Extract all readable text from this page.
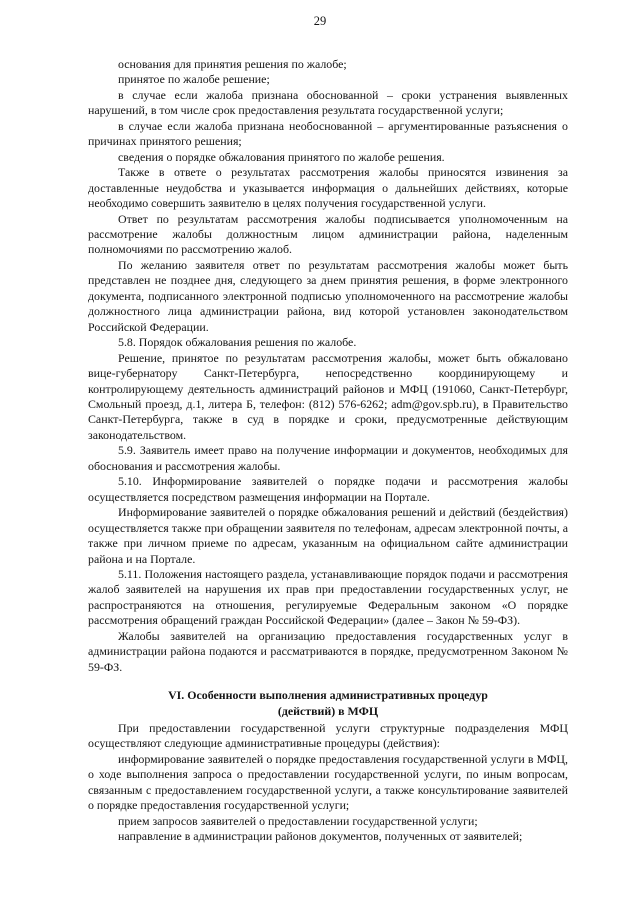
29

основания для принятия решения по жалобе;

принятое по жалобе решение;

в случае если жалоба признана обоснованной – сроки устранения выявленных нарушений, в том числе срок предоставления результата государственной услуги;

в случае если жалоба признана необоснованной – аргументированные разъяснения о причинах принятого решения;

сведения о порядке обжалования принятого по жалобе решения.

Также в ответе о результатах рассмотрения жалобы приносятся извинения за доставленные неудобства и указывается информация о дальнейших действиях, которые необходимо совершить заявителю в целях получения государственной услуги.

Ответ по результатам рассмотрения жалобы подписывается уполномоченным на рассмотрение жалобы должностным лицом администрации района, наделенным полномочиями по рассмотрению жалоб.

По желанию заявителя ответ по результатам рассмотрения жалобы может быть представлен не позднее дня, следующего за днем принятия решения, в форме электронного документа, подписанного электронной подписью уполномоченного на рассмотрение жалобы должностного лица администрации района, вид которой установлен законодательством Российской Федерации.

5.8. Порядок обжалования решения по жалобе.

Решение, принятое по результатам рассмотрения жалобы, может быть обжаловано вице-губернатору Санкт-Петербурга, непосредственно координирующему и контролирующему деятельность администраций районов и МФЦ (191060, Санкт-Петербург, Смольный проезд, д.1, литера Б, телефон: (812) 576-6262; adm@gov.spb.ru), в Правительство Санкт-Петербурга, также в суд в порядке и сроки, предусмотренные действующим законодательством.

5.9. Заявитель имеет право на получение информации и документов, необходимых для обоснования и рассмотрения жалобы.

5.10. Информирование заявителей о порядке подачи и рассмотрения жалобы осуществляется посредством размещения информации на Портале.

Информирование заявителей о порядке обжалования решений и действий (бездействия) осуществляется также при обращении заявителя по телефонам, адресам электронной почты, а также при личном приеме по адресам, указанным на официальном сайте администрации района и на Портале.

5.11. Положения настоящего раздела, устанавливающие порядок подачи и рассмотрения жалоб заявителей на нарушения их прав при предоставлении государственных услуг, не распространяются на отношения, регулируемые Федеральным законом «О порядке рассмотрения обращений граждан Российской Федерации» (далее – Закон № 59-ФЗ).

Жалобы заявителей на организацию предоставления государственных услуг в администрации района подаются и рассматриваются в порядке, предусмотренном Законом № 59-ФЗ.

VI. Особенности выполнения административных процедур
(действий) в МФЦ

При предоставлении государственной услуги структурные подразделения МФЦ осуществляют следующие административные процедуры (действия):

информирование заявителей о порядке предоставления государственной услуги в МФЦ, о ходе выполнения запроса о предоставлении государственной услуги, по иным вопросам, связанным с предоставлением государственной услуги, а также консультирование заявителей о порядке предоставления государственной услуги;

прием запросов заявителей о предоставлении государственной услуги;

направление в администрации районов документов, полученных от заявителей;
